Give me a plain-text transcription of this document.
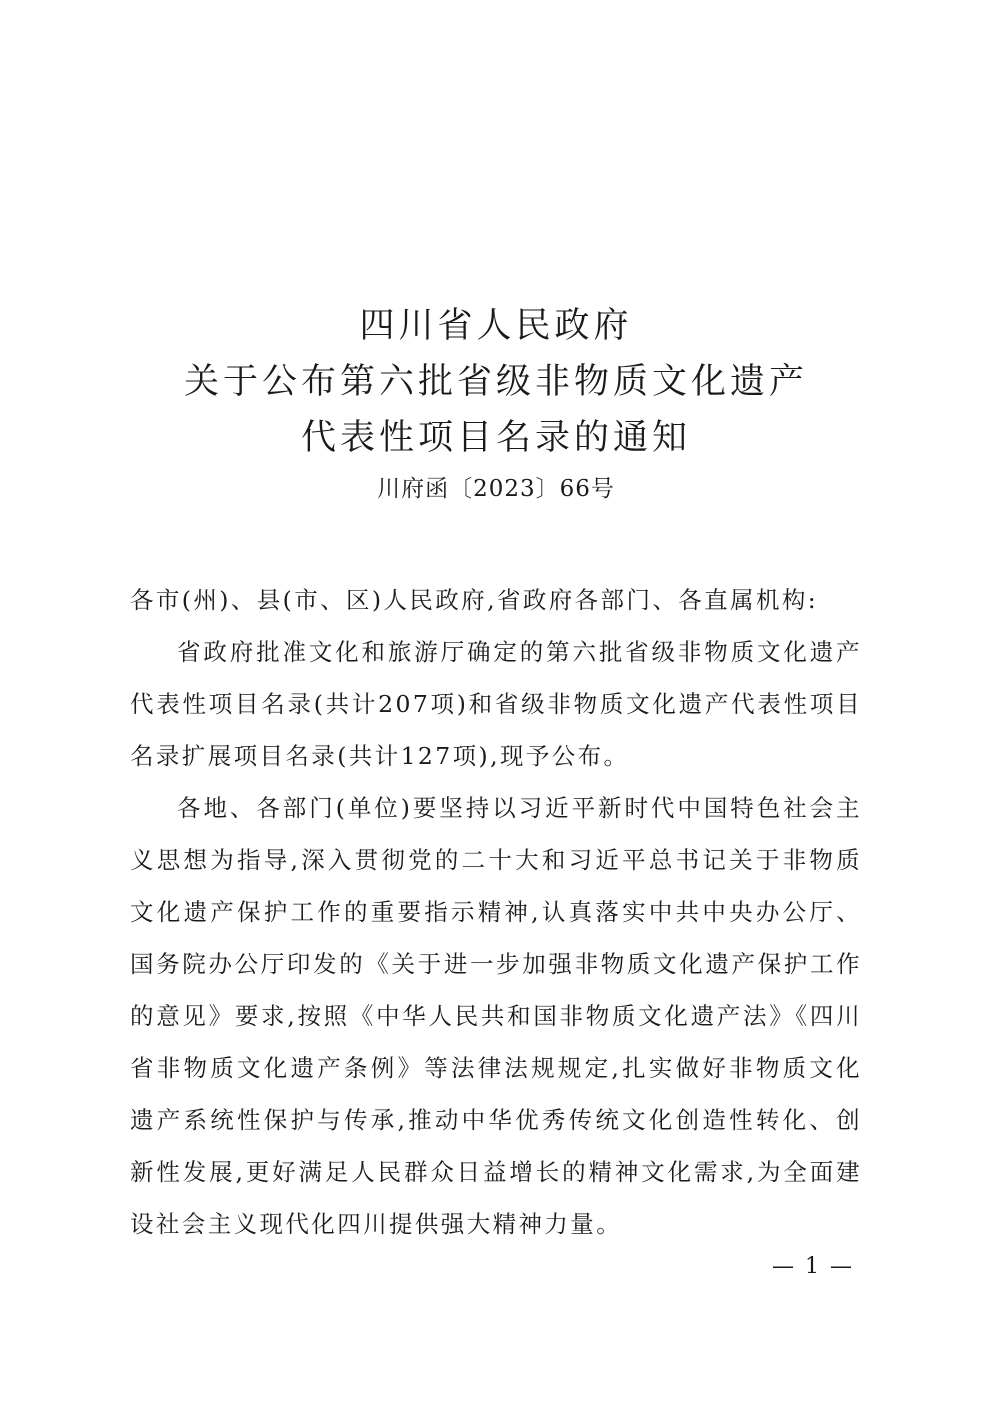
四川省人民政府
关于公布第六批省级非物质文化遗产
代表性项目名录的通知
川府函〔2023〕66号

各市(州)、县(市、区)人民政府,省政府各部门、各直属机构:

省政府批准文化和旅游厅确定的第六批省级非物质文化遗产代表性项目名录(共计207项)和省级非物质文化遗产代表性项目名录扩展项目名录(共计127项),现予公布。

各地、各部门(单位)要坚持以习近平新时代中国特色社会主义思想为指导,深入贯彻党的二十大和习近平总书记关于非物质文化遗产保护工作的重要指示精神,认真落实中共中央办公厅、国务院办公厅印发的《关于进一步加强非物质文化遗产保护工作的意见》要求,按照《中华人民共和国非物质文化遗产法》《四川省非物质文化遗产条例》等法律法规规定,扎实做好非物质文化遗产系统性保护与传承,推动中华优秀传统文化创造性转化、创新性发展,更好满足人民群众日益增长的精神文化需求,为全面建设社会主义现代化四川提供强大精神力量。

— 1 —
